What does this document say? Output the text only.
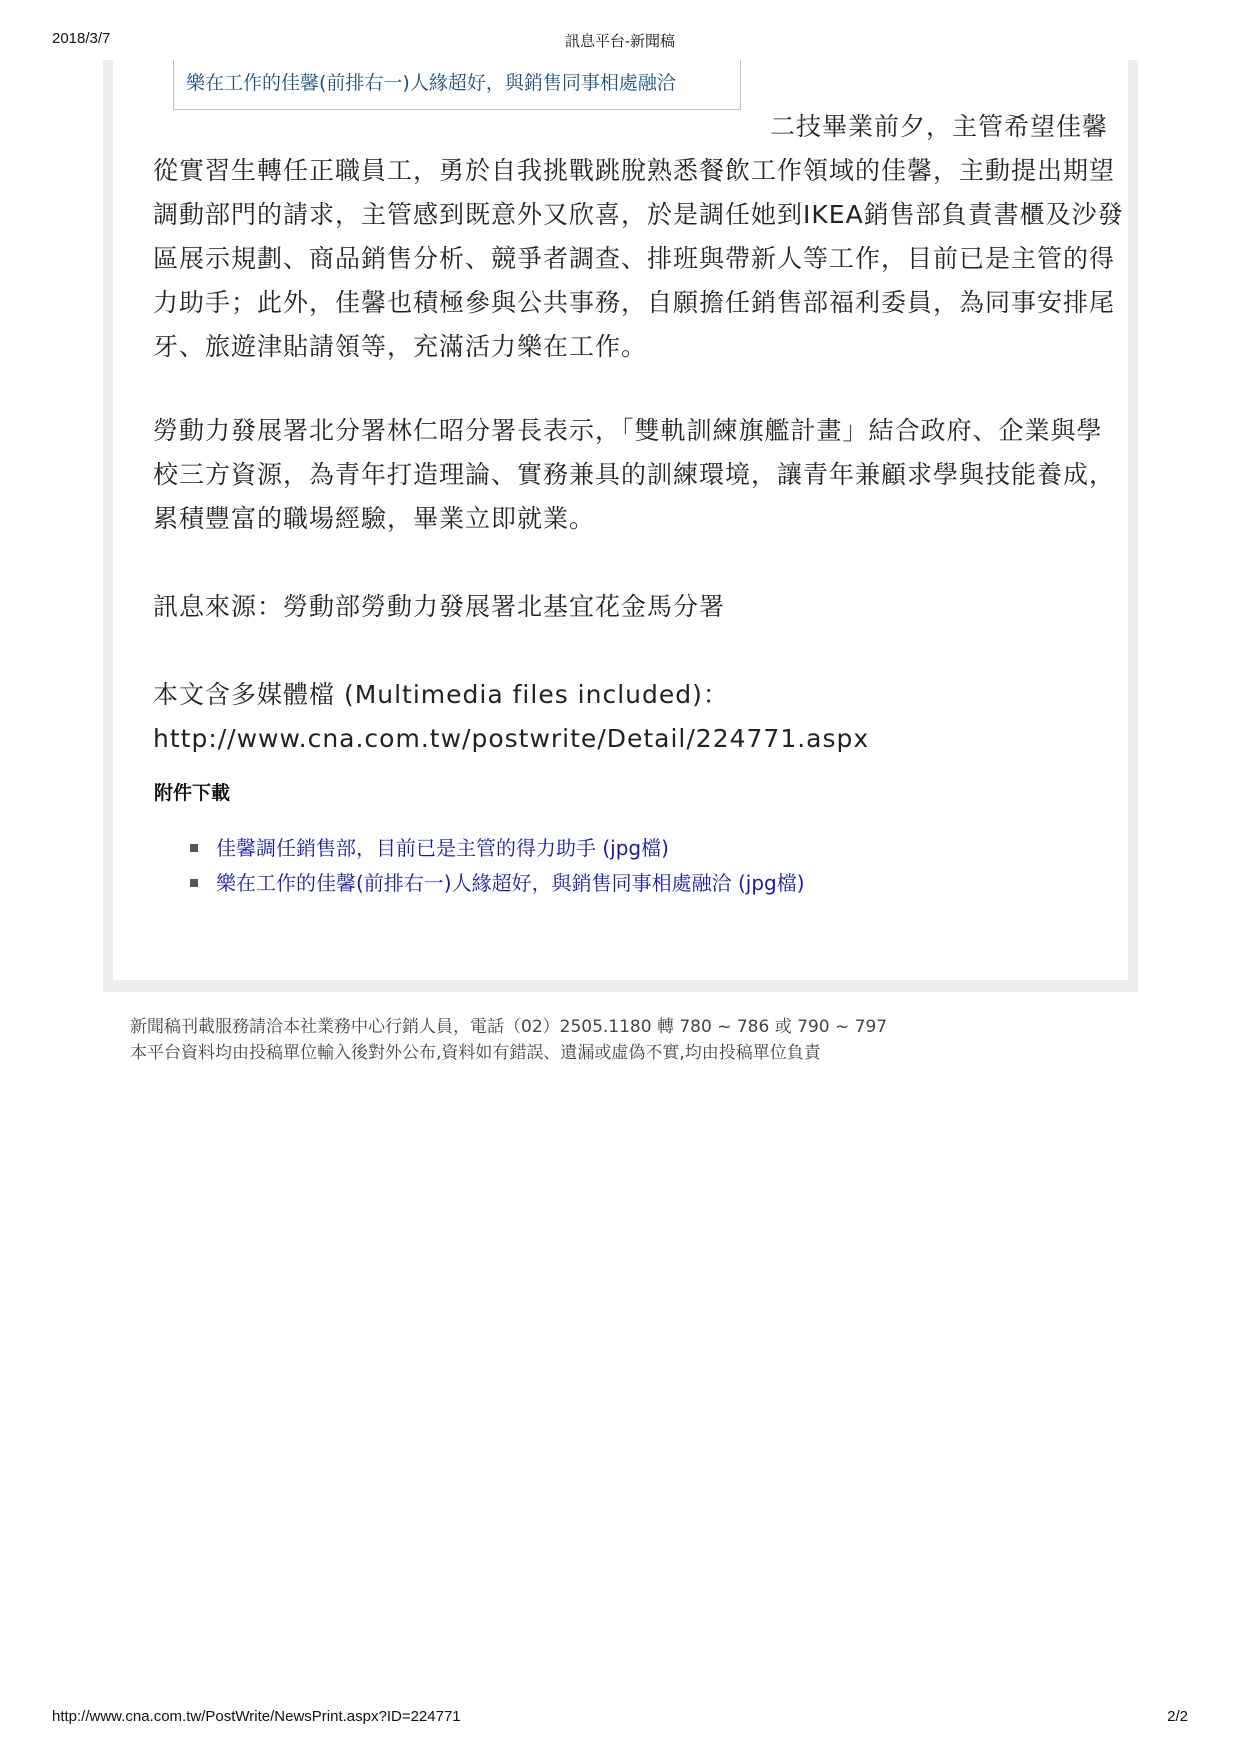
2018/3/7	訊息平台-新聞稿
樂在工作的佳馨(前排右一)人緣超好，與銷售同事相處融洽
二技畢業前夕，主管希望佳馨
從實習生轉任正職員工，勇於自我挑戰跳脫熟悉餐飲工作領域的佳馨，主動提出期望
調動部門的請求，主管感到既意外又欣喜，於是調任她到IKEA銷售部負責書櫃及沙發
區展示規劃、商品銷售分析、競爭者調查、排班與帶新人等工作，目前已是主管的得
力助手；此外，佳馨也積極參與公共事務，自願擔任銷售部福利委員，為同事安排尾
牙、旅遊津貼請領等，充滿活力樂在工作。
勞動力發展署北分署林仁昭分署長表示，「雙軌訓練旗艦計畫」結合政府、企業與學
校三方資源，為青年打造理論、實務兼具的訓練環境，讓青年兼顧求學與技能養成，
累積豐富的職場經驗，畢業立即就業。
訊息來源：勞動部勞動力發展署北基宜花金馬分署
本文含多媒體檔 (Multimedia files included)：
http://www.cna.com.tw/postwrite/Detail/224771.aspx
附件下載
佳馨調任銷售部，目前已是主管的得力助手 (jpg檔)
樂在工作的佳馨(前排右一)人緣超好，與銷售同事相處融洽 (jpg檔)
新聞稿刊載服務請洽本社業務中心行銷人員，電話（02）2505.1180 轉 780 ~ 786 或 790 ~ 797
本平台資料均由投稿單位輸入後對外公布,資料如有錯誤、遺漏或虛偽不實,均由投稿單位負責
http://www.cna.com.tw/PostWrite/NewsPrint.aspx?ID=224771	2/2
